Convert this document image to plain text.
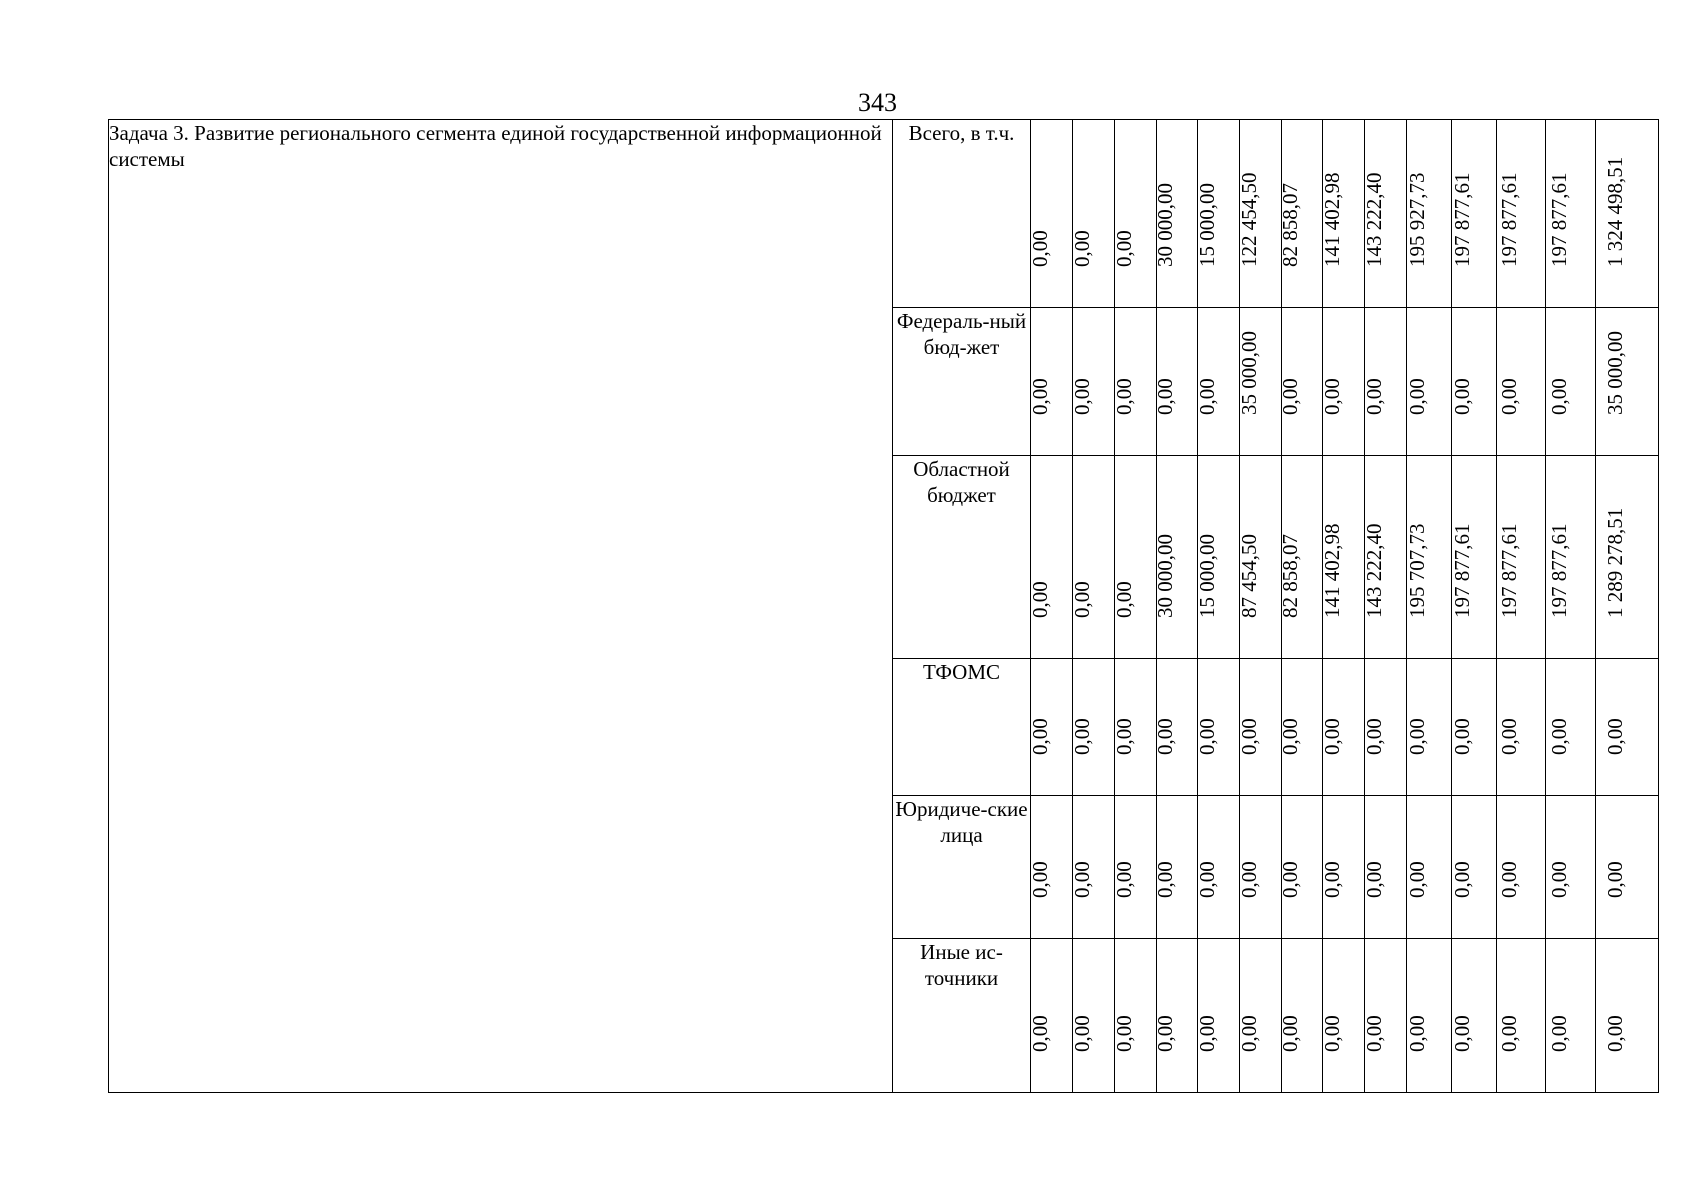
343
Задача 3. Развитие регионального сегмента единой государственной информационной системы	Всего, в т.ч.	0,00	0,00	0,00	30 000,00	15 000,00	122 454,50	82 858,07	141 402,98	143 222,40	195 927,73	197 877,61	197 877,61	197 877,61	1 324 498,51

	Федераль-ный бюд-жет	0,00	0,00	0,00	0,00	0,00	35 000,00	0,00	0,00	0,00	0,00	0,00	0,00	0,00	35 000,00

	Областной бюджет	0,00	0,00	0,00	30 000,00	15 000,00	87 454,50	82 858,07	141 402,98	143 222,40	195 707,73	197 877,61	197 877,61	197 877,61	1 289 278,51

	ТФОМС	0,00	0,00	0,00	0,00	0,00	0,00	0,00	0,00	0,00	0,00	0,00	0,00	0,00	0,00

	Юридиче-ские лица	0,00	0,00	0,00	0,00	0,00	0,00	0,00	0,00	0,00	0,00	0,00	0,00	0,00	0,00

	Иные ис-точники	0,00	0,00	0,00	0,00	0,00	0,00	0,00	0,00	0,00	0,00	0,00	0,00	0,00	0,00
